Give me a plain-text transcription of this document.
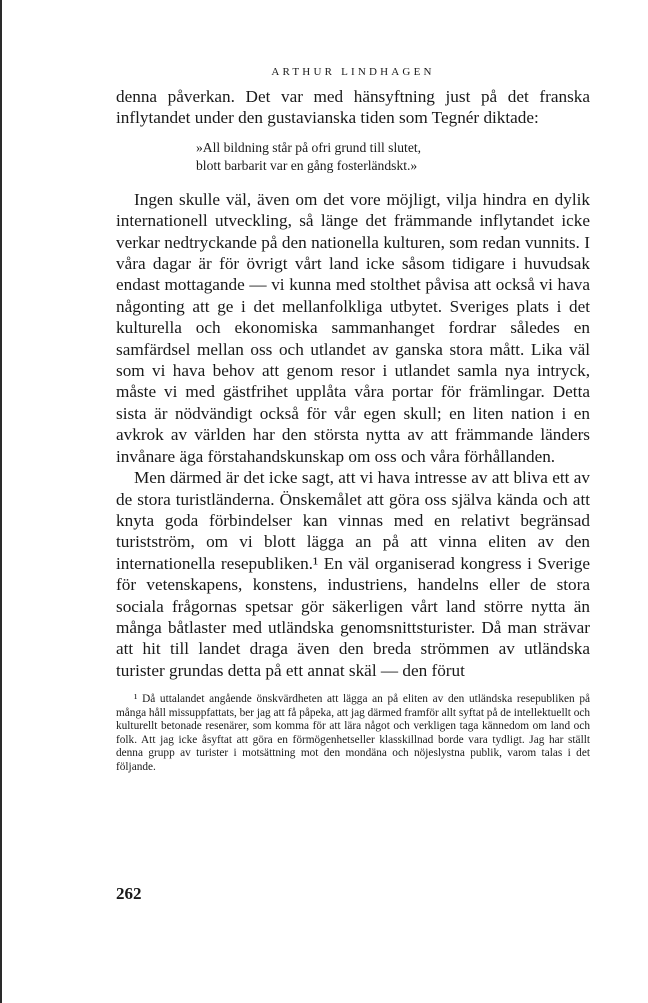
ARTHUR LINDHAGEN

denna påverkan. Det var med hänsyftning just på det franska inflytandet under den gustavianska tiden som Tegnér diktade:

»All bildning står på ofri grund till slutet,
blott barbarit var en gång fosterländskt.»

Ingen skulle väl, även om det vore möjligt, vilja hindra en dylik internationell utveckling, så länge det främmande inflytandet icke verkar nedtryckande på den nationella kulturen, som redan vunnits. I våra dagar är för övrigt vårt land icke såsom tidigare i huvudsak endast mottagande — vi kunna med stolthet påvisa att också vi hava någonting att ge i det mellanfolkliga utbytet. Sveriges plats i det kulturella och ekonomiska sammanhanget fordrar således en samfärdsel mellan oss och utlandet av ganska stora mått. Lika väl som vi hava behov att genom resor i utlandet samla nya intryck, måste vi med gästfrihet upplåta våra portar för främlingar. Detta sista är nödvändigt också för vår egen skull; en liten nation i en avkrok av världen har den största nytta av att främmande länders invånare äga förstahandskunskap om oss och våra förhållanden.

Men därmed är det icke sagt, att vi hava intresse av att bliva ett av de stora turistländerna. Önskemålet att göra oss själva kända och att knyta goda förbindelser kan vinnas med en relativt begränsad turistström, om vi blott lägga an på att vinna eliten av den internationella resepubliken.¹ En väl organiserad kongress i Sverige för vetenskapens, konstens, industriens, handelns eller de stora sociala frågornas spetsar gör säkerligen vårt land större nytta än många båtlaster med utländska genomsnittsturister. Då man strävar att hit till landet draga även den breda strömmen av utländska turister grundas detta på ett annat skäl — den förut

¹ Då uttalandet angående önskvärdheten att lägga an på eliten av den utländska resepubliken på många håll missuppfattats, ber jag att få påpeka, att jag därmed framför allt syftat på de intellektuellt och kulturellt betonade resenärer, som komma för att lära något och verkligen taga kännedom om land och folk. Att jag icke åsyftat att göra en förmögenhetseller klasskillnad borde vara tydligt. Jag har ställt denna grupp av turister i motsättning mot den mondäna och nöjeslystna publik, varom talas i det följande.

262
